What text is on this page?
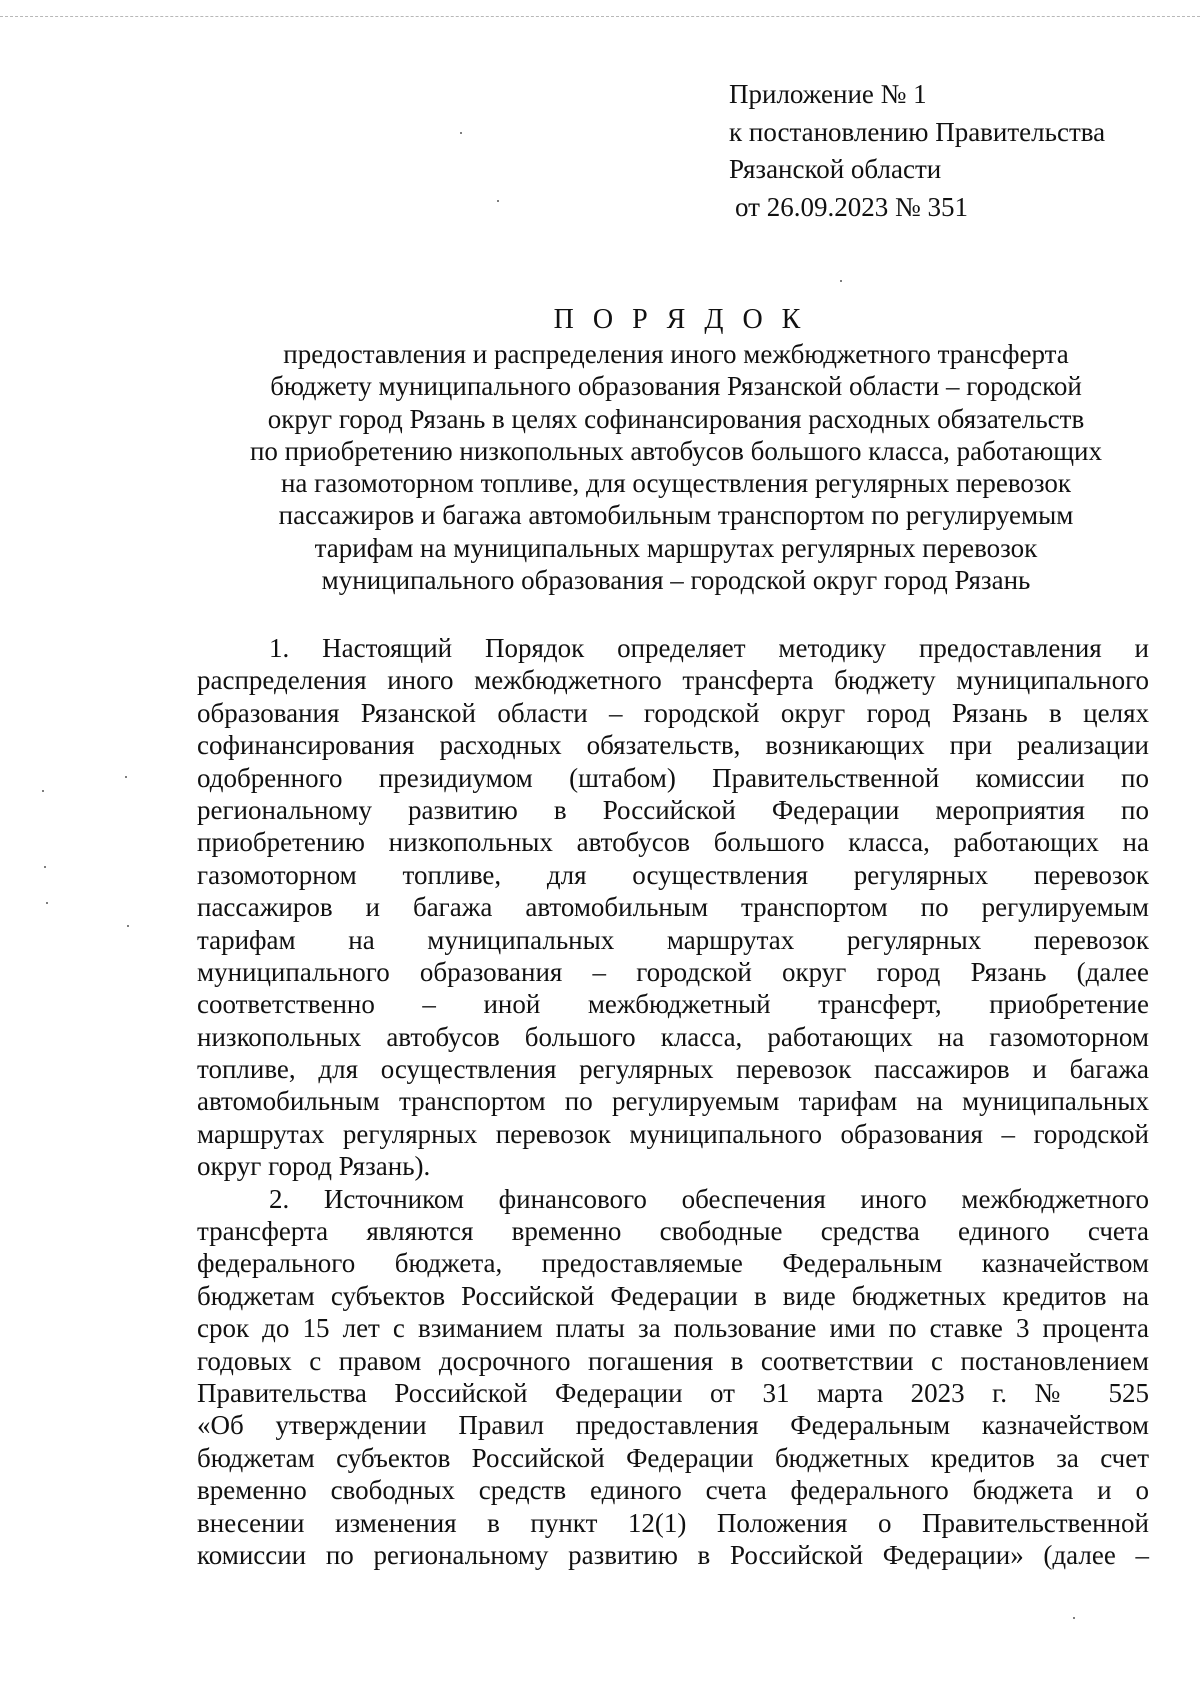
Приложение № 1
к постановлению Правительства
Рязанской области
от 26.09.2023 № 351
П О Р Я Д О К
предоставления и распределения иного межбюджетного трансферта
бюджету муниципального образования Рязанской области – городской
округ город Рязань в целях софинансирования расходных обязательств
по приобретению низкопольных автобусов большого класса, работающих
на газомоторном топливе, для осуществления регулярных перевозок
пассажиров и багажа автомобильным транспортом по регулируемым
тарифам на муниципальных маршрутах регулярных перевозок
муниципального образования – городской округ город Рязань
1. Настоящий Порядок определяет методику предоставления и
распределения иного межбюджетного трансферта бюджету муниципального
образования Рязанской области – городской округ город Рязань в целях
софинансирования расходных обязательств, возникающих при реализации
одобренного президиумом (штабом) Правительственной комиссии по
региональному развитию в Российской Федерации мероприятия по
приобретению низкопольных автобусов большого класса, работающих на
газомоторном топливе, для осуществления регулярных перевозок
пассажиров и багажа автомобильным транспортом по регулируемым
тарифам на муниципальных маршрутах регулярных перевозок
муниципального образования – городской округ город Рязань (далее
соответственно – иной межбюджетный трансферт, приобретение
низкопольных автобусов большого класса, работающих на газомоторном
топливе, для осуществления регулярных перевозок пассажиров и багажа
автомобильным транспортом по регулируемым тарифам на муниципальных
маршрутах регулярных перевозок муниципального образования – городской
округ город Рязань).
2. Источником финансового обеспечения иного межбюджетного
трансферта являются временно свободные средства единого счета
федерального бюджета, предоставляемые Федеральным казначейством
бюджетам субъектов Российской Федерации в виде бюджетных кредитов на
срок до 15 лет с взиманием платы за пользование ими по ставке 3 процента
годовых с правом досрочного погашения в соответствии с постановлением
Правительства Российской Федерации от 31 марта 2023 г. № 525
«Об утверждении Правил предоставления Федеральным казначейством
бюджетам субъектов Российской Федерации бюджетных кредитов за счет
временно свободных средств единого счета федерального бюджета и о
внесении изменения в пункт 12(1) Положения о Правительственной
комиссии по региональному развитию в Российской Федерации» (далее –
